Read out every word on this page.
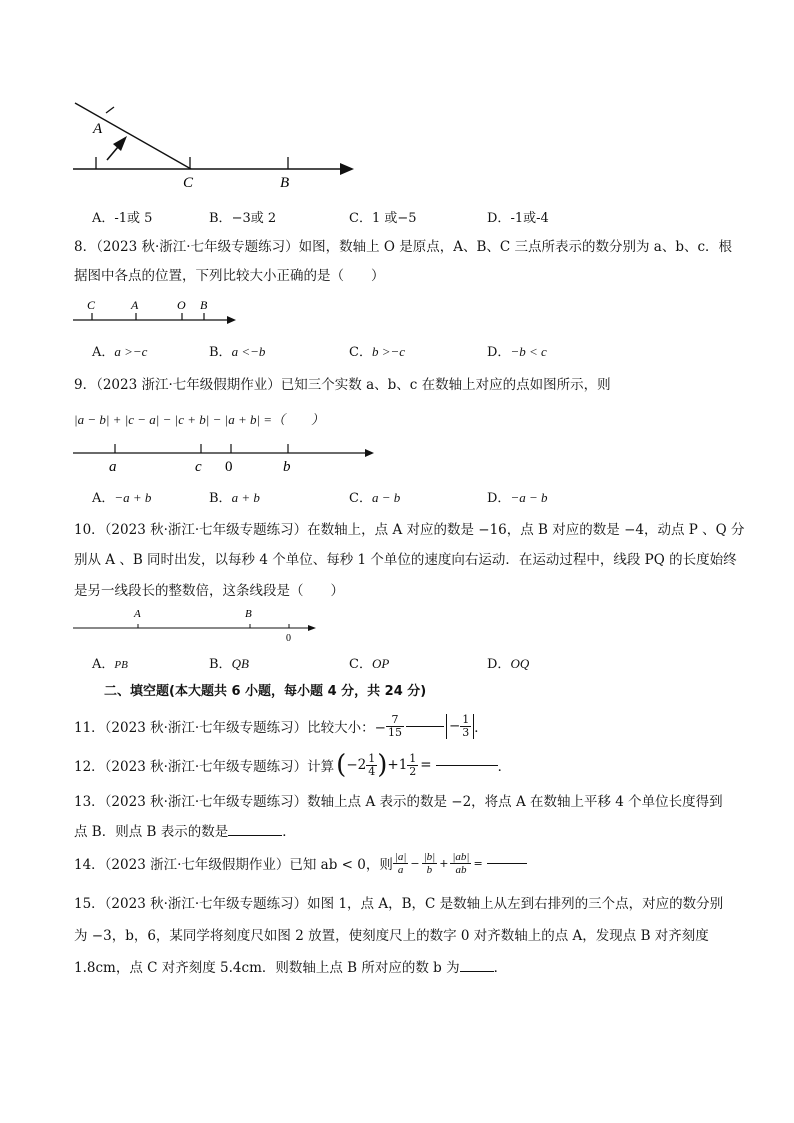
A
C	B
A．-1或 5	B．−3或 2	C．1 或−5	D．-1或-4
8．（2023 秋·浙江·七年级专题练习）如图，数轴上 O 是原点，A、B、C 三点所表示的数分别为 a、b、c．根
据图中各点的位置，下列比较大小正确的是（　　）
C	A	O B
A．a >−c	B．a <−b	C．b >−c	D．−b < c
9．（2023 浙江·七年级假期作业）已知三个实数 a、b、c 在数轴上对应的点如图所示，则
|a − b| + |c − a| − |c + b| − |a + b| =（　　）
a	c 0	b
A．−a + b	B．a + b	C．a − b	D．−a − b
10．（2023 秋·浙江·七年级专题练习）在数轴上，点 A 对应的数是 −16，点 B 对应的数是 −4，动点 P 、Q 分
别从 A 、B 同时出发，以每秒 4 个单位、每秒 1 个单位的速度向右运动．在运动过程中，线段 PQ 的长度始终
是另一线段长的整数倍，这条线段是（　　）
A	B
0
A．PB	B．QB	C．OP	D．OQ
二、填空题(本大题共 6 小题，每小题 4 分，共 24 分)
11．（2023 秋·浙江·七年级专题练习）比较大小：− $\frac{7}{15}$	− $\frac{1}{3}$ ．
12．（2023 秋·浙江·七年级专题练习）计算 ( $-2 \frac{1}{4}$ ) $+1 \frac{1}{2}$ =	．
13．（2023 秋·浙江·七年级专题练习）数轴上点 A 表示的数是 −2，将点 A 在数轴上平移 4 个单位长度得到
点 B．则点 B 表示的数是	．
14．（2023 浙江·七年级假期作业）已知 ab < 0，则 $\frac{|a|}{a} - \frac{|b|}{b} + \frac{|ab|}{ab}$ =
15．（2023 秋·浙江·七年级专题练习）如图 1，点 A，B，C 是数轴上从左到右排列的三个点，对应的数分别
为 −3，b，6，某同学将刻度尺如图 2 放置，使刻度尺上的数字 0 对齐数轴上的点 A，发现点 B 对齐刻度
1.8cm，点 C 对齐刻度 5.4cm．则数轴上点 B 所对应的数 b 为	．
